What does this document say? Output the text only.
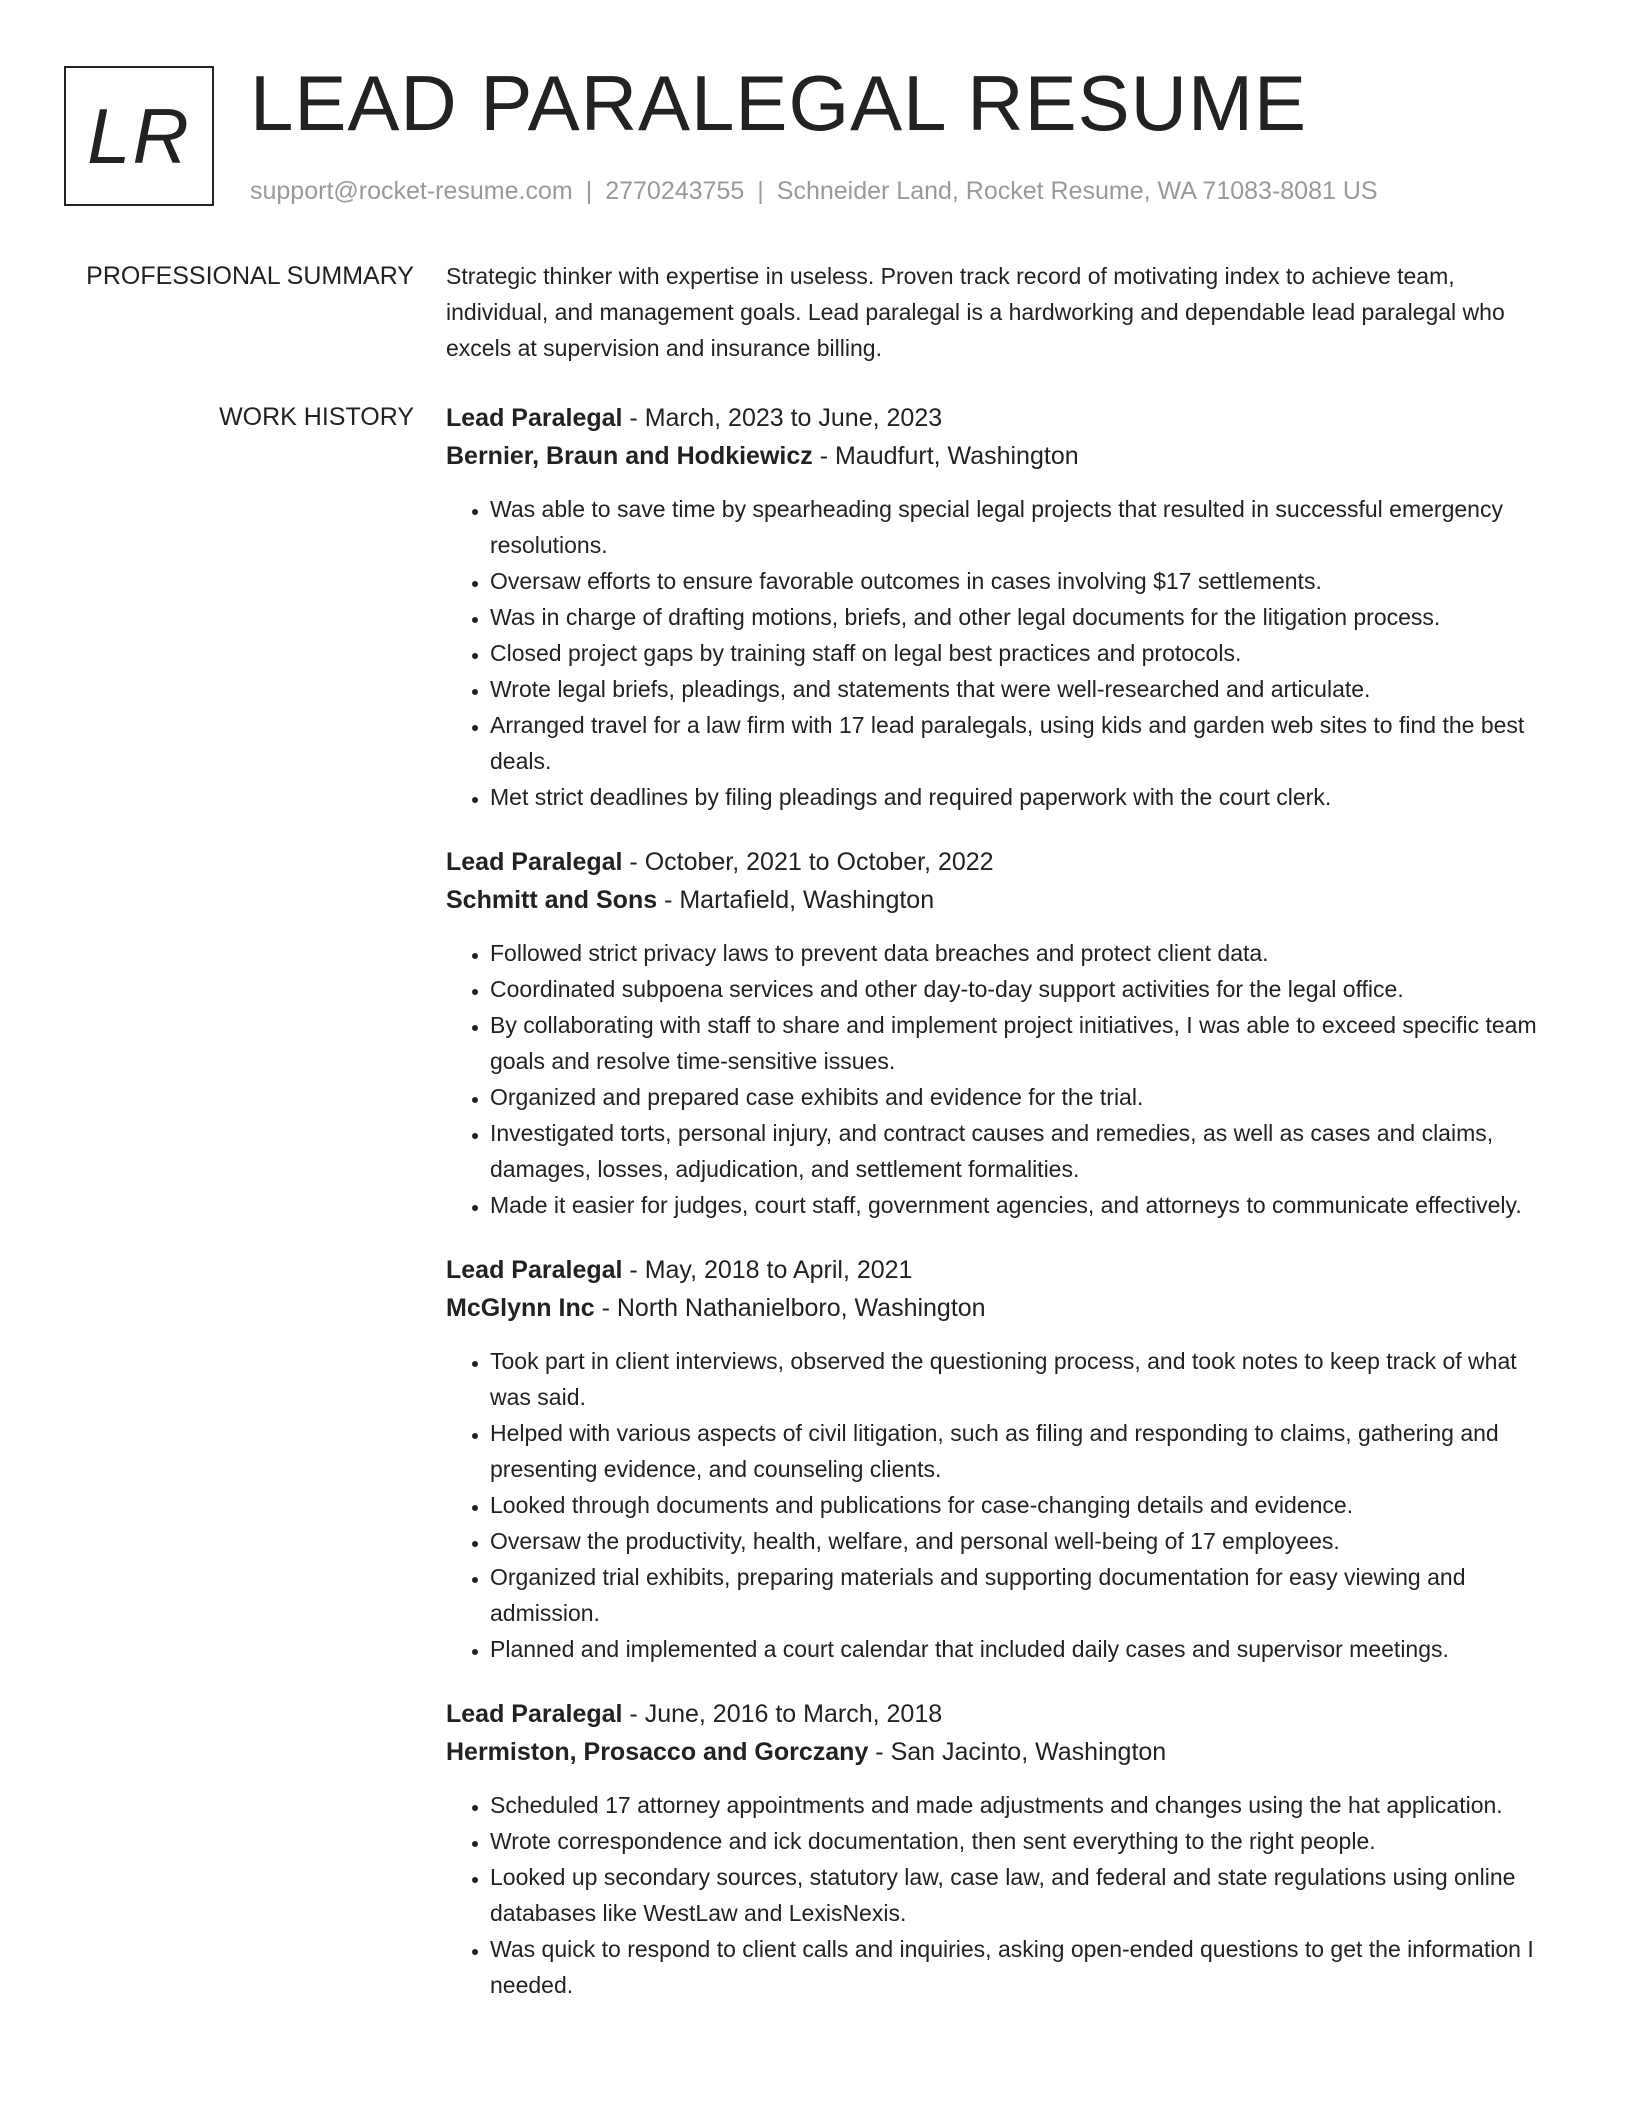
LR LEAD PARALEGAL RESUME
support@rocket-resume.com | 2770243755 | Schneider Land, Rocket Resume, WA 71083-8081 US
PROFESSIONAL SUMMARY Strategic thinker with expertise in useless. Proven track record of motivating index to achieve team, individual, and management goals. Lead paralegal is a hardworking and dependable lead paralegal who excels at supervision and insurance billing.
WORK HISTORY Lead Paralegal - March, 2023 to June, 2023
Bernier, Braun and Hodkiewicz - Maudfurt, Washington
• Was able to save time by spearheading special legal projects that resulted in successful emergency resolutions.
• Oversaw efforts to ensure favorable outcomes in cases involving $17 settlements.
• Was in charge of drafting motions, briefs, and other legal documents for the litigation process.
• Closed project gaps by training staff on legal best practices and protocols.
• Wrote legal briefs, pleadings, and statements that were well-researched and articulate.
• Arranged travel for a law firm with 17 lead paralegals, using kids and garden web sites to find the best deals.
• Met strict deadlines by filing pleadings and required paperwork with the court clerk.
Lead Paralegal - October, 2021 to October, 2022
Schmitt and Sons - Martafield, Washington
• Followed strict privacy laws to prevent data breaches and protect client data.
• Coordinated subpoena services and other day-to-day support activities for the legal office.
• By collaborating with staff to share and implement project initiatives, I was able to exceed specific team goals and resolve time-sensitive issues.
• Organized and prepared case exhibits and evidence for the trial.
• Investigated torts, personal injury, and contract causes and remedies, as well as cases and claims, damages, losses, adjudication, and settlement formalities.
• Made it easier for judges, court staff, government agencies, and attorneys to communicate effectively.
Lead Paralegal - May, 2018 to April, 2021
McGlynn Inc - North Nathanielboro, Washington
• Took part in client interviews, observed the questioning process, and took notes to keep track of what was said.
• Helped with various aspects of civil litigation, such as filing and responding to claims, gathering and presenting evidence, and counseling clients.
• Looked through documents and publications for case-changing details and evidence.
• Oversaw the productivity, health, welfare, and personal well-being of 17 employees.
• Organized trial exhibits, preparing materials and supporting documentation for easy viewing and admission.
• Planned and implemented a court calendar that included daily cases and supervisor meetings.
Lead Paralegal - June, 2016 to March, 2018
Hermiston, Prosacco and Gorczany - San Jacinto, Washington
• Scheduled 17 attorney appointments and made adjustments and changes using the hat application.
• Wrote correspondence and ick documentation, then sent everything to the right people.
• Looked up secondary sources, statutory law, case law, and federal and state regulations using online databases like WestLaw and LexisNexis.
• Was quick to respond to client calls and inquiries, asking open-ended questions to get the information I needed.
